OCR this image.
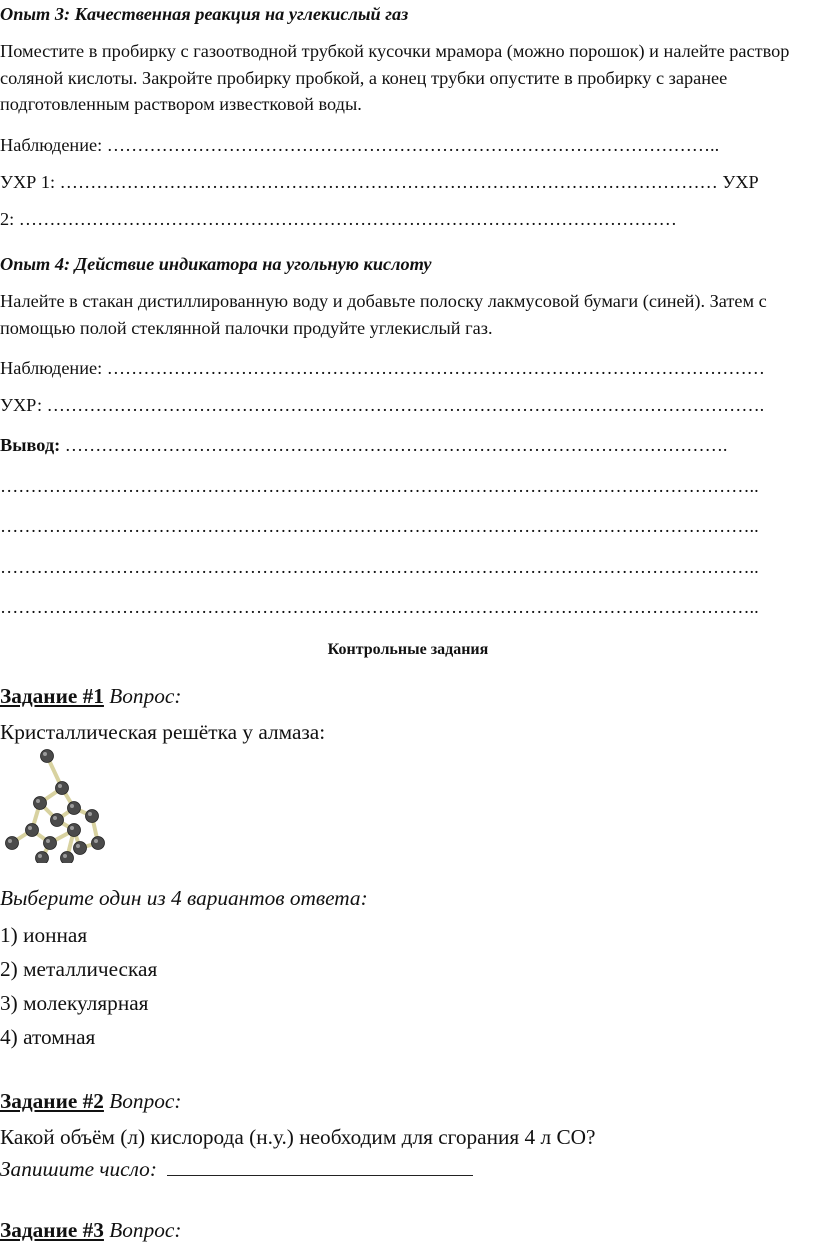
Опыт 3: Качественная реакция на углекислый газ
Поместите в пробирку с газоотводной трубкой кусочки мрамора (можно порошок) и налейте раствор соляной кислоты. Закройте пробирку пробкой, а конец трубки опустите в пробирку с заранее подготовленным раствором известковой воды.
Наблюдение: ………………………………………………………………………………………..
УХР 1: ……………………………………………………………………………………………… УХР
2: ………………………………………………………………………………………………
Опыт 4: Действие индикатора на угольную кислоту
Налейте в стакан дистиллированную воду и добавьте полоску лакмусовой бумаги (синей). Затем с помощью полой стеклянной палочки продуйте углекислый газ.
Наблюдение: ………………………………………………………………………………………………
УХР: ……………………………………………………………………………………………………….
Вывод: ……………………………………………………………………………………………….
……………………………………………………………………………………………………………..
……………………………………………………………………………………………………………..
……………………………………………………………………………………………………………..
……………………………………………………………………………………………………………..
Контрольные задания
Задание #1 Вопрос:
Кристаллическая решётка у алмаза:
Выберите один из 4 вариантов ответа:
1) ионная
2) металлическая
3) молекулярная
4) атомная
Задание #2 Вопрос:
Какой объём (л) кислорода (н.у.) необходим для сгорания 4 л CO?
Запишите число:
Задание #3 Вопрос:
